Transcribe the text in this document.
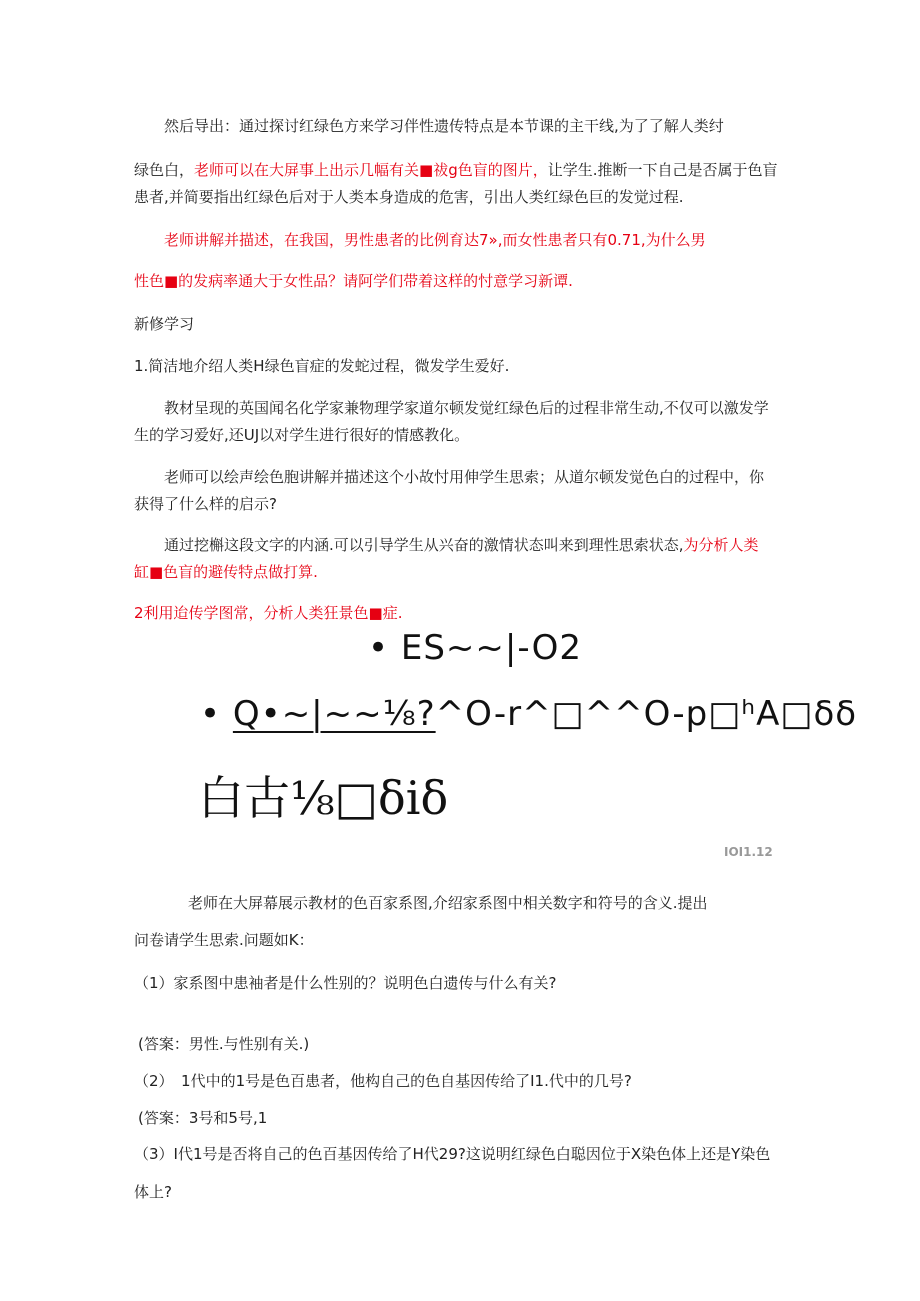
然后导出：通过探讨红绿色方来学习伴性遗传特点是本节课的主干线,为了了解人类纣
绿色白，老师可以在大屏事上出示几幅有关■祓g色盲的图片，让学生.推断一下自己是否属于色盲
患者,并简要指出红绿色后对于人类本身造成的危害，引出人类红绿色巨的发觉过程.
老师讲解并描述，在我国，男性患者的比例育达7»,而女性患者只有0.71,为什么男
性色■的发病率通大于女性品？请阿学们带着这样的忖意学习新谭.
新修学习
1.简洁地介绍人类H绿色盲症的发蛇过程，微发学生爱好.
教材呈现的英国闻名化学家兼物理学家道尔顿发觉红绿色后的过程非常生动,不仅可以激发学
生的学习爱好,还UJ以对学生进行很好的情感教化。
老师可以绘声绘色胞讲解并描述这个小故忖用伸学生思索；从道尔顿发觉色白的过程中，你
获得了什么样的启示?
通过挖槲这段文字的内涵.可以引导学生从兴奋的激情状态叫来到理性思索状态,为分析人类
缸■色盲的避传特点做打算.
2利用迨传学图常，分析人类狂景色■症.
• ES~~|-O2
• Q•~|~~⅛?^O-r^□^^O-p□ʰA□δδ
白古⅛□δiδ
IOI1.12
老师在大屏幕展示教材的色百家系图,介绍家系图中相关数字和符号的含义.提出
问卷请学生思索.问题如K：
（1）家系图中患袖者是什么性别的？说明色白遗传与什么有关?
(答案：男性.与性别有关.)
（2）　1代中的1号是色百患者，他构自己的色自基因传给了I1.代中的几号?
(答案：3号和5号,1
（3）I代1号是否将自己的色百基因传给了H代29?这说明红绿色白聪因位于X染色体上还是Y染色
体上?
